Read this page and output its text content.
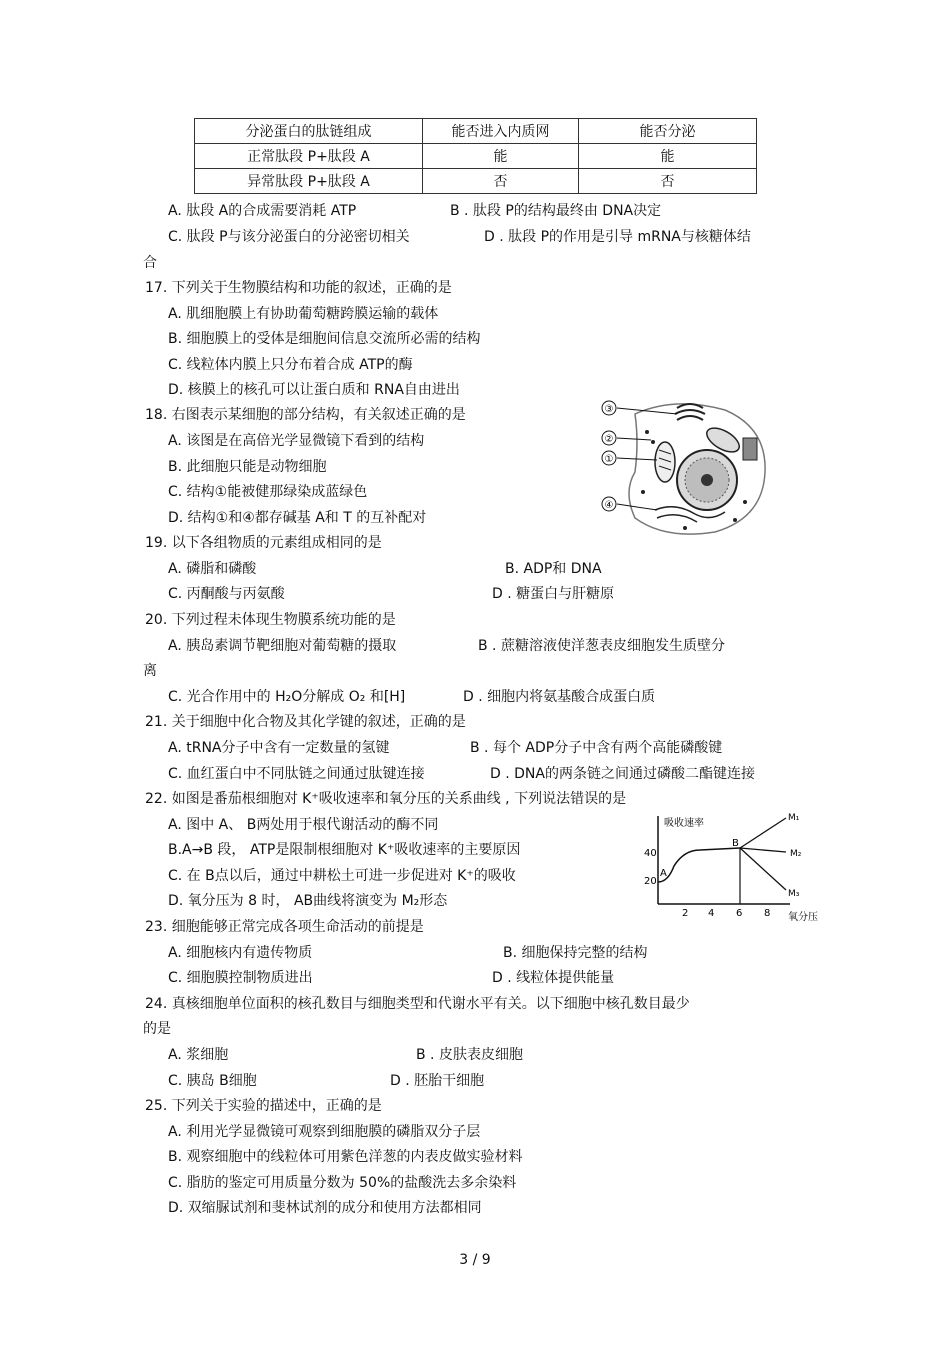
分泌蛋白的肽链组成	能否进入内质网	能否分泌
正常肽段 P+肽段 A	能	能
异常肽段 P+肽段 A	否	否
A. 肽段 A的合成需要消耗 ATP	B . 肽段 P的结构最终由 DNA决定
C. 肽段 P与该分泌蛋白的分泌密切相关	D . 肽段 P的作用是引导 mRNA与核糖体结
合
17. 下列关于生物膜结构和功能的叙述，正确的是
A. 肌细胞膜上有协助葡萄糖跨膜运输的载体
B. 细胞膜上的受体是细胞间信息交流所必需的结构
C. 线粒体内膜上只分布着合成 ATP的酶
D. 核膜上的核孔可以让蛋白质和 RNA自由进出
18. 右图表示某细胞的部分结构，有关叙述正确的是
A. 该图是在高倍光学显微镜下看到的结构
B. 此细胞只能是动物细胞
C. 结构①能被健那绿染成蓝绿色
D. 结构①和④都存碱基 A和 T 的互补配对
③
②
①
④
19. 以下各组物质的元素组成相同的是
A. 磷脂和磷酸	B. ADP和 DNA
C. 丙酮酸与丙氨酸	D . 糖蛋白与肝糖原
20. 下列过程未体现生物膜系统功能的是
A. 胰岛素调节靶细胞对葡萄糖的摄取	B . 蔗糖溶液使洋葱表皮细胞发生质壁分
离
C. 光合作用中的 H₂O分解成 O₂ 和[H]	D . 细胞内将氨基酸合成蛋白质
21. 关于细胞中化合物及其化学键的叙述，正确的是
A. tRNA分子中含有一定数量的氢键	B . 每个 ADP分子中含有两个高能磷酸键
C. 血红蛋白中不同肽链之间通过肽键连接	D . DNA的两条链之间通过磷酸二酯键连接
22. 如图是番茄根细胞对 K⁺吸收速率和氧分压的关系曲线 , 下列说法错误的是
A. 图中 A、 B两处用于根代谢活动的酶不同
B.A→B 段， ATP是限制根细胞对 K⁺吸收速率的主要原因
C. 在 B点以后，通过中耕松土可进一步促进对 K⁺的吸收
D. 氧分压为 8 时， AB曲线将演变为 M₂形态
吸收速率
氧分压
40
20
2 4 6 8
A
B
M₁
M₂
M₃
23. 细胞能够正常完成各项生命活动的前提是
A. 细胞核内有遗传物质	B. 细胞保持完整的结构
C. 细胞膜控制物质进出	D . 线粒体提供能量
24. 真核细胞单位面积的核孔数目与细胞类型和代谢水平有关。以下细胞中核孔数目最少
的是
A. 浆细胞	B . 皮肤表皮细胞
C. 胰岛 B细胞	D . 胚胎干细胞
25. 下列关于实验的描述中，正确的是
A. 利用光学显微镜可观察到细胞膜的磷脂双分子层
B. 观察细胞中的线粒体可用紫色洋葱的内表皮做实验材料
C. 脂肪的鉴定可用质量分数为 50%的盐酸洗去多余染料
D. 双缩脲试剂和斐林试剂的成分和使用方法都相同
3 / 9
